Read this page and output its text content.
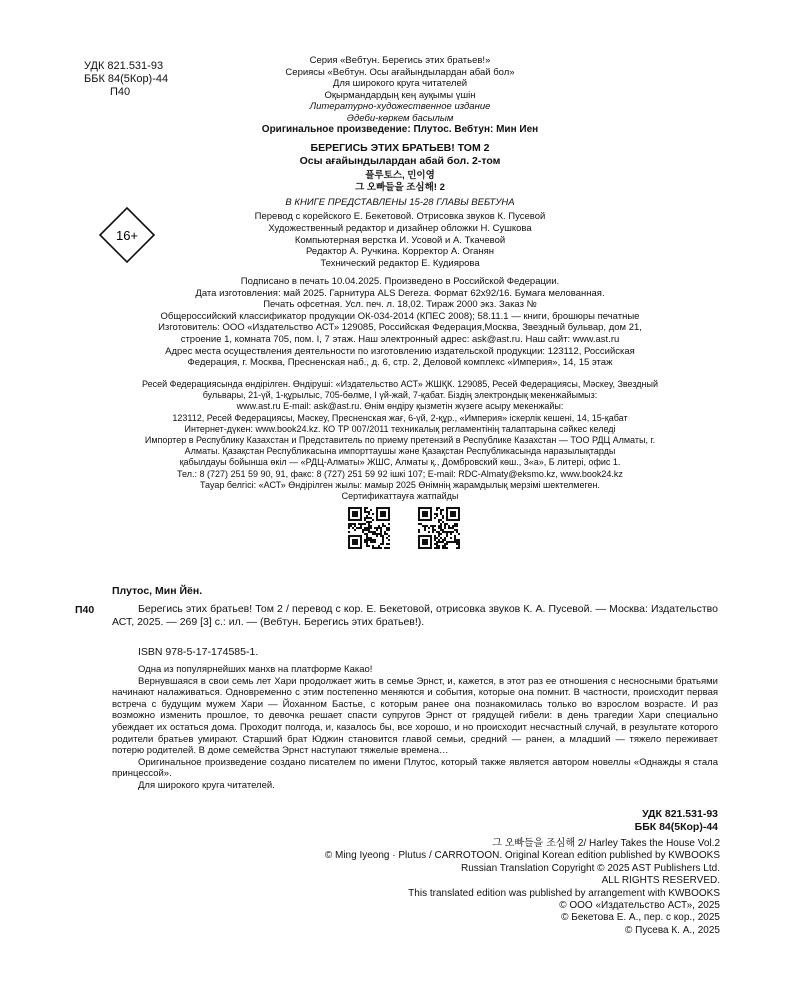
УДК 821.531-93
ББК 84(5Кор)-44
П40
Серия «Вебтун. Берегись этих братьев!»
Сериясы «Вебтун. Осы ағайындылардан абай бол»
Для широкого круга читателей
Оқырмандардың кең ауқымы үшін
Литературно-художественное издание
Әдеби-көркем басылым
Оригинальное произведение: Плутос. Вебтун: Мин Иен
БЕРЕГИСЬ ЭТИХ БРАТЬЕВ! ТОМ 2
Осы ағайындылардан абай бол. 2-том
플루토스, 민이영
그 오빠들을 조심해! 2
В КНИГЕ ПРЕДСТАВЛЕНЫ 15-28 ГЛАВЫ ВЕБТУНА
16+
Перевод с корейского Е. Бекетовой. Отрисовка звуков К. Пусевой
Художественный редактор и дизайнер обложки Н. Сушкова
Компьютерная верстка И. Усовой и А. Ткачевой
Редактор А. Ручкина. Корректор А. Оганян
Технический редактор Е. Кудиярова
Подписано в печать 10.04.2025. Произведено в Российской Федерации.
Дата изготовления: май 2025. Гарнитура ALS Dereza. Формат 62x92/16. Бумага мелованная.
Печать офсетная. Усл. печ. л. 18,02. Тираж 2000 экз. Заказ №
Общероссийский классификатор продукции ОК-034-2014 (КПЕС 2008); 58.11.1 — книги, брошюры печатные
Изготовитель: ООО «Издательство АСТ» 129085, Российская Федерация,Москва, Звездный бульвар, дом 21,
строение 1, комната 705, пом. I, 7 этаж. Наш электронный адрес: ask@ast.ru. Наш сайт: www.ast.ru
Адрес места осуществления деятельности по изготовлению издательской продукции: 123112, Российская
Федерация, г. Москва, Пресненская наб., д. 6, стр. 2, Деловой комплекс «Империя», 14, 15 этаж
Ресей Федерациясында өндірілген. Өндіруші: «Издательство АСТ» ЖШҚК. 129085, Ресей Федерациясы, Мәскеу, Звездный
бульвары, 21-үй, 1-құрылыс, 705-бөлме, I үй-жай, 7-қабат. Біздің электрондық мекенжайымыз:
www.ast.ru E-mail: ask@ast.ru. Өнім өндіру қызметін жүзеге асыру мекенжайы:
123112, Ресей Федерациясы, Мәскеу, Пресненская жағ, 6-үй, 2-құр., «Империя» іскерлік кешені, 14, 15-қабат
Интернет-дүкен: www.book24.kz. КО ТР 007/2011 техникалық регламентінің талаптарына сәйкес келеді
Импортер в Республику Казахстан и Представитель по приему претензий в Республике Казахстан — ТОО РДЦ Алматы, г.
Алматы. Қазақстан Республикасына импорттаушы және Қазақстан Республикасында наразылықтарды
қабылдауы бойынша өкіл — «РДЦ-Алматы» ЖШС, Алматы қ., Домбровский көш., 3«а», Б литері, офис 1.
Тел.: 8 (727) 251 59 90, 91, факс: 8 (727) 251 59 92 ішкі 107; E-mail: RDC-Almaty@eksmo.kz, www.book24.kz
Тауар белгісі: «АСТ» Өндірілген жылы: мамыр 2025 Өнімнің жарамдылық мерзімі шектелмеген.
Сертификаттауға жатпайды
Плутос, Мин Йён.
П40	Берегись этих братьев! Том 2 / перевод с кор. Е. Бекетовой, отрисовка звуков К. А. Пусевой. — Москва: Издательство АСТ, 2025. — 269 [3] с.: ил. — (Вебтун. Берегись этих братьев!).
ISBN 978-5-17-174585-1.

Одна из популярнейших манхв на платформе Какао!

Вернувшаяся в свои семь лет Хари продолжает жить в семье Эрнст, и, кажется, в этот раз ее отношения с несносными братьями начинают налаживаться. Одновременно с этим постепенно меняются и события, которые она помнит. В частности, происходит первая встреча с будущим мужем Хари — Йоханном Бастье, с которым ранее она познакомилась только во взрослом возрасте. И раз возможно изменить прошлое, то девочка решает спасти супругов Эрнст от грядущей гибели: в день трагедии Хари специально убеждает их остаться дома. Проходит полгода, и, казалось бы, все хорошо, и но происходит несчастный случай, в результате которого родители братьев умирают. Старший брат Юджин становится главой семьи, средний — ранен, а младший — тяжело переживает потерю родителей. В доме семейства Эрнст наступают тяжелые времена…

Оригинальное произведение создано писателем по имени Плутос, который также является автором новеллы «Однажды я стала принцессой».

Для широкого круга читателей.

УДК 821.531-93
ББК 84(5Кор)-44
그 오빠들을 조심해 2/ Harley Takes the House Vol.2
© Ming Iyeong · Plutus / CARROTOON. Original Korean edition published by KWBOOKS
Russian Translation Copyright © 2025 AST Publishers Ltd.
ALL RIGHTS RESERVED.
This translated edition was published by arrangement with KWBOOKS
© ООО «Издательство АСТ», 2025
© Бекетова Е. А., пер. с кор., 2025
© Пусева К. А., 2025
